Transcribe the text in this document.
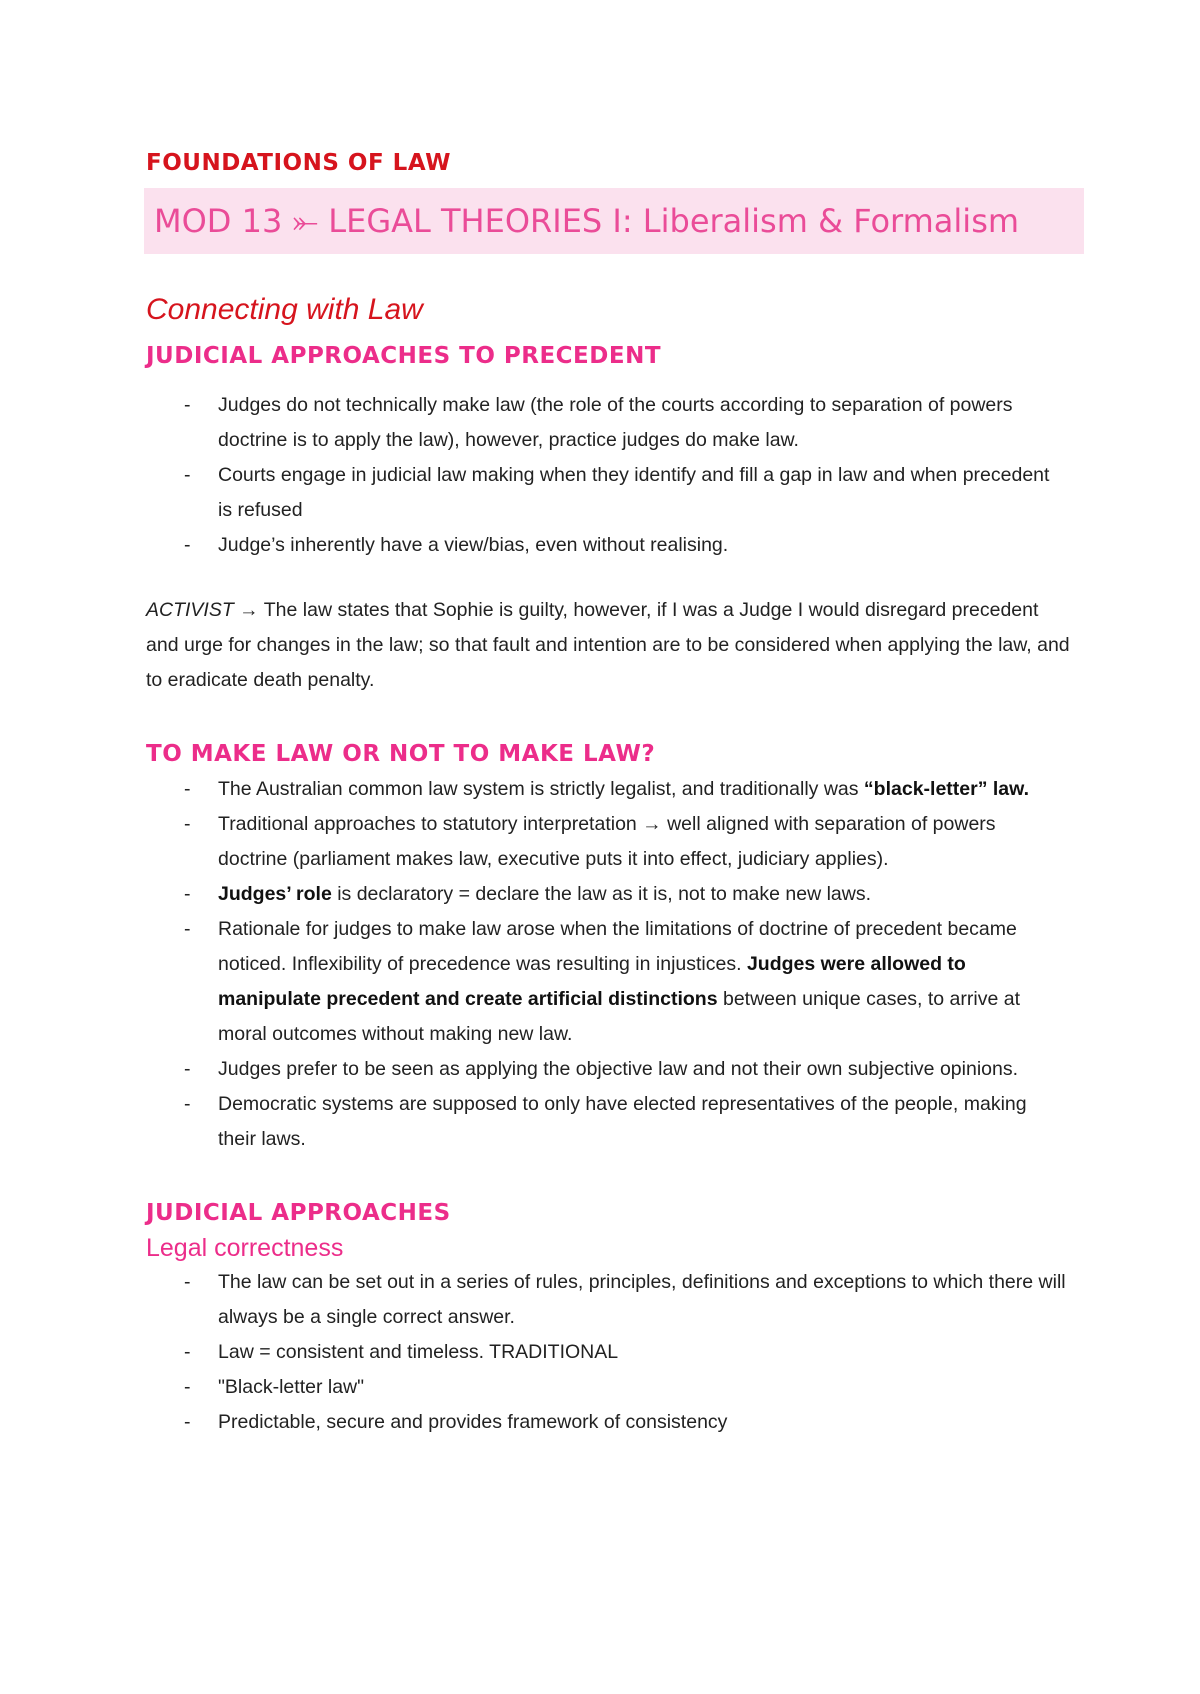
FOUNDATIONS OF LAW
MOD 13 ⤜ LEGAL THEORIES I: Liberalism & Formalism
Connecting with Law
JUDICIAL APPROACHES TO PRECEDENT
- Judges do not technically make law (the role of the courts according to separation of powers doctrine is to apply the law), however, practice judges do make law.
- Courts engage in judicial law making when they identify and fill a gap in law and when precedent is refused
- Judge’s inherently have a view/bias, even without realising.

ACTIVIST → The law states that Sophie is guilty, however, if I was a Judge I would disregard precedent and urge for changes in the law; so that fault and intention are to be considered when applying the law, and to eradicate death penalty.

TO MAKE LAW OR NOT TO MAKE LAW?
- The Australian common law system is strictly legalist, and traditionally was “black-letter” law.
- Traditional approaches to statutory interpretation → well aligned with separation of powers doctrine (parliament makes law, executive puts it into effect, judiciary applies).
- Judges’ role is declaratory = declare the law as it is, not to make new laws.
- Rationale for judges to make law arose when the limitations of doctrine of precedent became noticed. Inflexibility of precedence was resulting in injustices. Judges were allowed to manipulate precedent and create artificial distinctions between unique cases, to arrive at moral outcomes without making new law.
- Judges prefer to be seen as applying the objective law and not their own subjective opinions.
- Democratic systems are supposed to only have elected representatives of the people, making their laws.
JUDICIAL APPROACHES
Legal correctness
- The law can be set out in a series of rules, principles, definitions and exceptions to which there will always be a single correct answer.
- Law = consistent and timeless. TRADITIONAL
- "Black-letter law"
- Predictable, secure and provides framework of consistency
